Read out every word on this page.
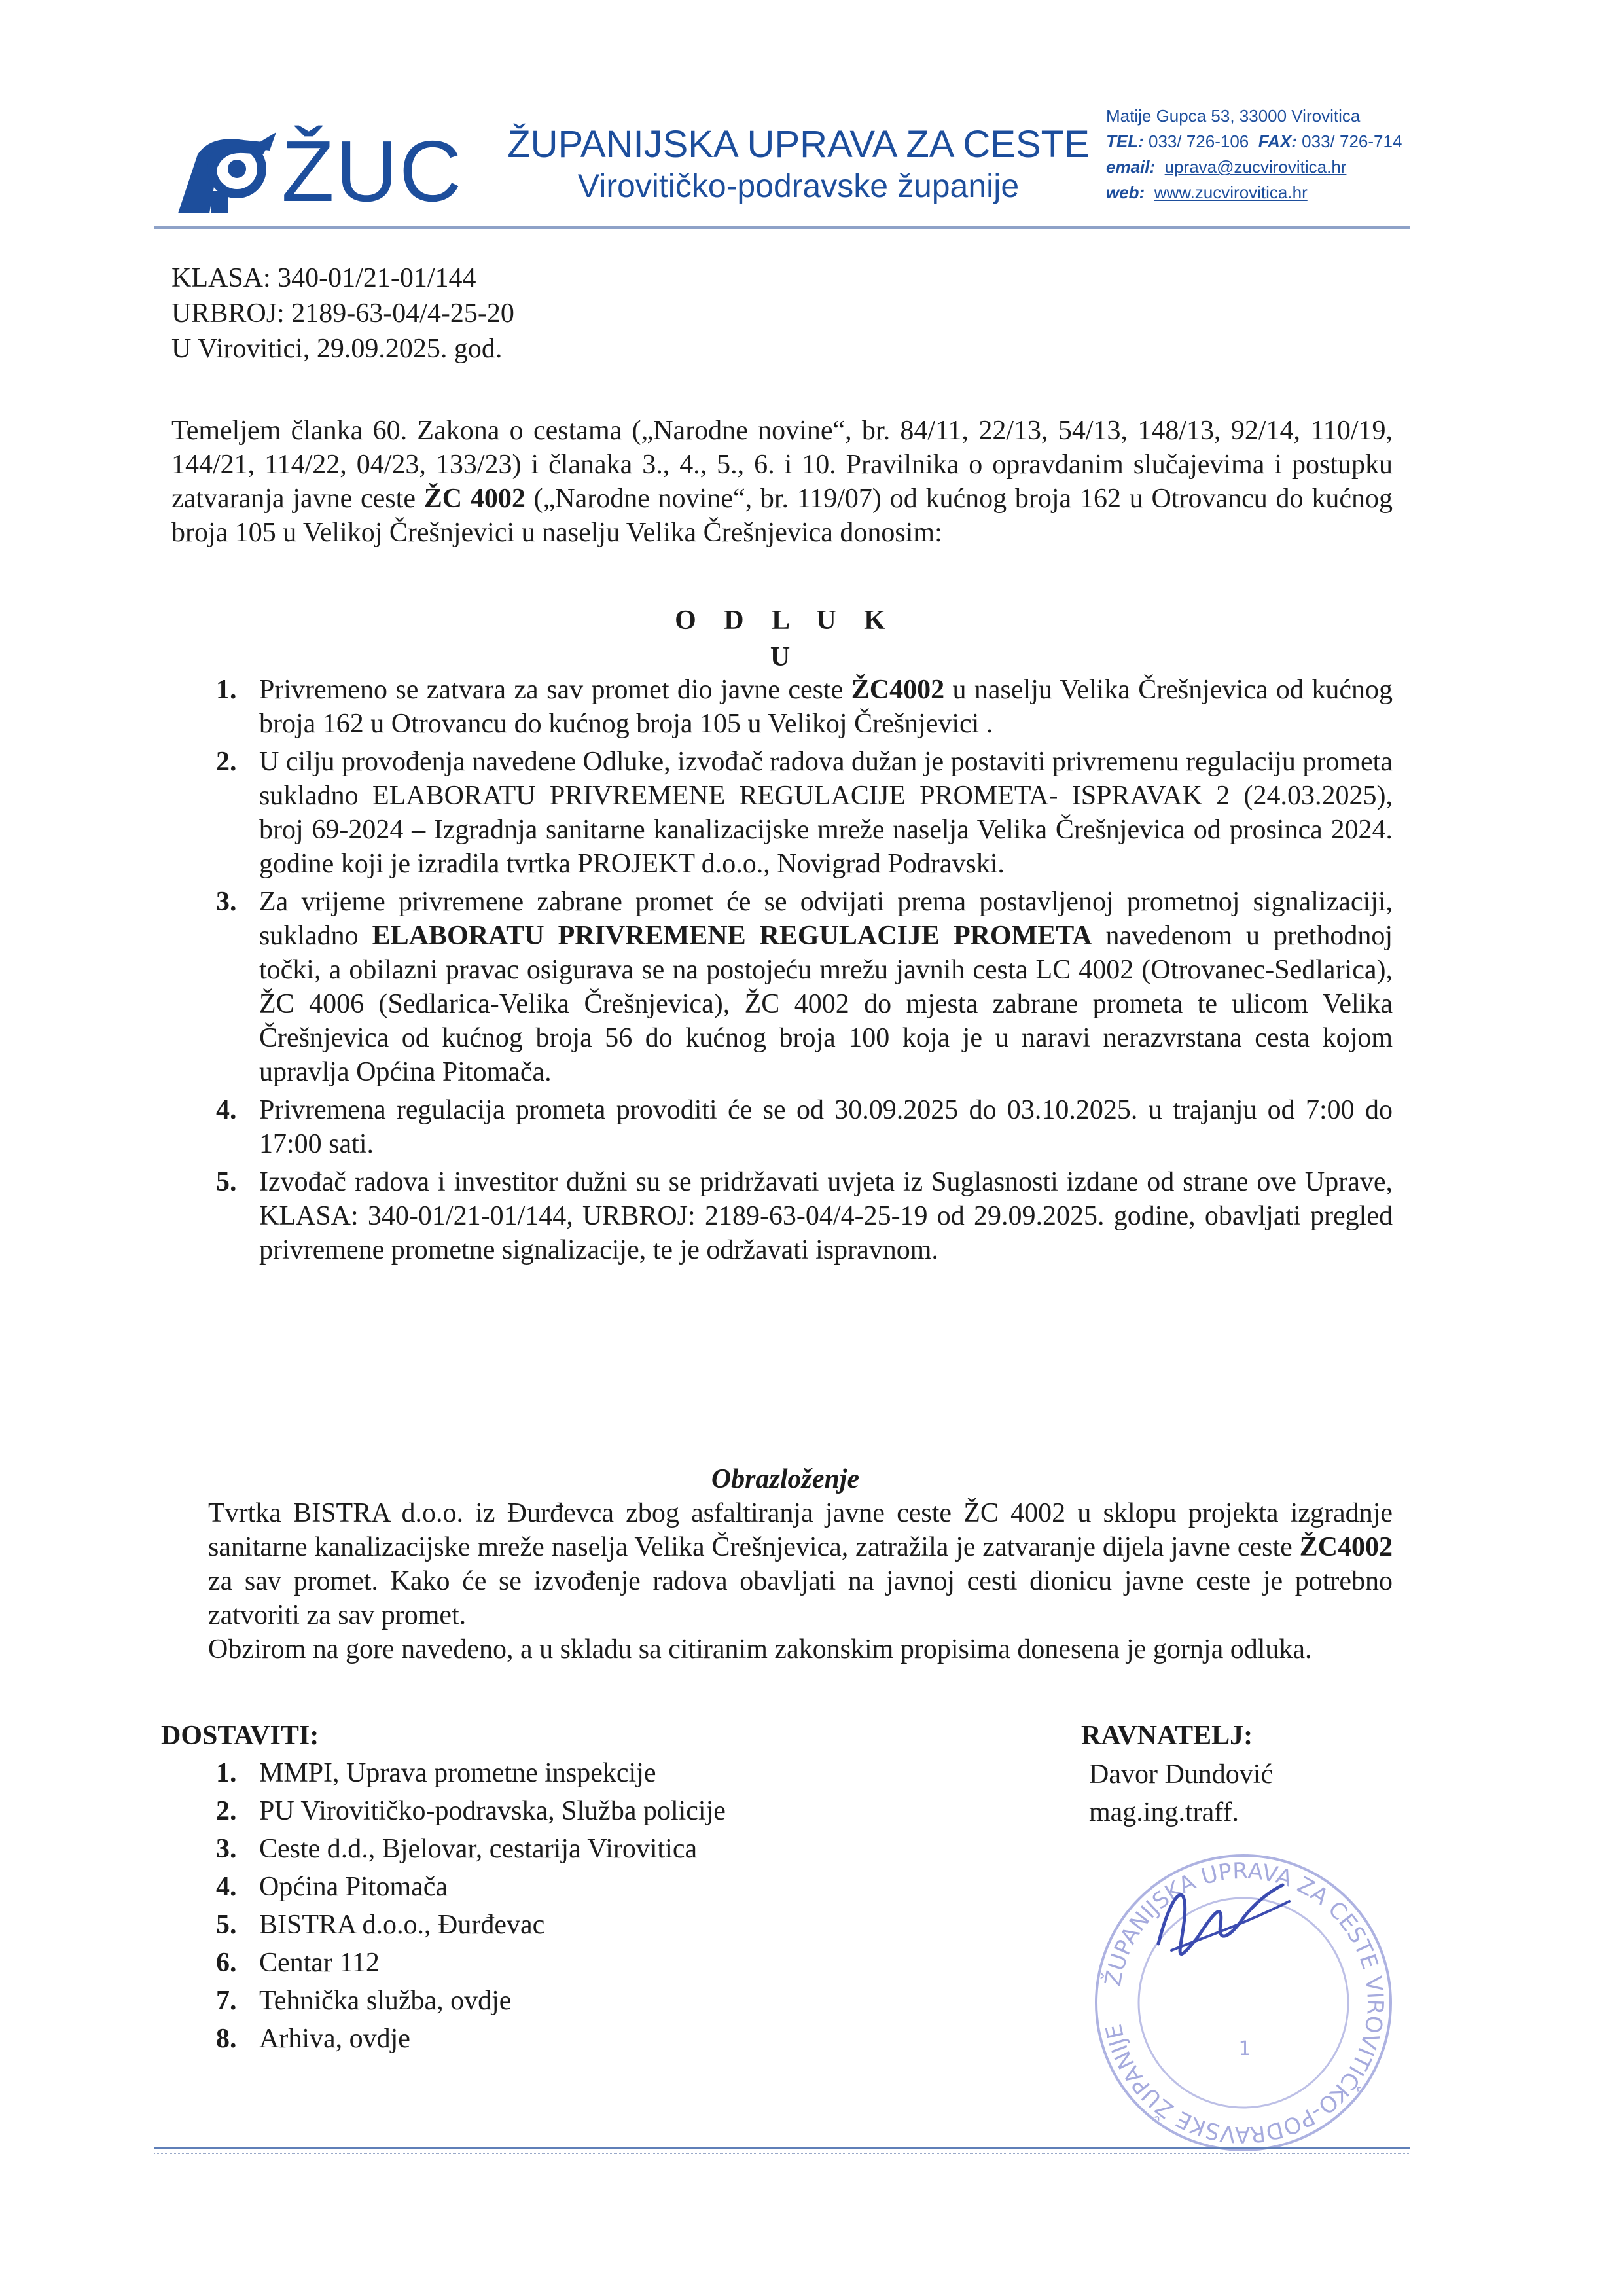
ŽUC ŽUPANIJSKA UPRAVA ZA CESTE
Virovitičko-podravske županije
Matije Gupca 53, 33000 Virovitica
TEL: 033/ 726-106 FAX: 033/ 726-714
email: uprava@zucvirovitica.hr
web: www.zucvirovitica.hr
KLASA: 340-01/21-01/144
URBROJ: 2189-63-04/4-25-20
U Virovitici, 29.09.2025. god.
Temeljem članka 60. Zakona o cestama („Narodne novine“, br. 84/11, 22/13, 54/13, 148/13, 92/14, 110/19, 144/21, 114/22, 04/23, 133/23) i članaka 3., 4., 5., 6. i 10. Pravilnika o opravdanim slučajevima i postupku zatvaranja javne ceste ŽC 4002 („Narodne novine“, br. 119/07) od kućnog broja 162 u Otrovancu do kućnog broja 105 u Velikoj Črešnjevici u naselju Velika Črešnjevica donosim:
O D L U K U
1. Privremeno se zatvara za sav promet dio javne ceste ŽC4002 u naselju Velika Črešnjevica od kućnog broja 162 u Otrovancu do kućnog broja 105 u Velikoj Črešnjevici .
2. U cilju provođenja navedene Odluke, izvođač radova dužan je postaviti privremenu regulaciju prometa sukladno ELABORATU PRIVREMENE REGULACIJE PROMETA- ISPRAVAK 2 (24.03.2025), broj 69-2024 – Izgradnja sanitarne kanalizacijske mreže naselja Velika Črešnjevica od prosinca 2024. godine koji je izradila tvrtka PROJEKT d.o.o., Novigrad Podravski.
3. Za vrijeme privremene zabrane promet će se odvijati prema postavljenoj prometnoj signalizaciji, sukladno ELABORATU PRIVREMENE REGULACIJE PROMETA navedenom u prethodnoj točki, a obilazni pravac osigurava se na postojeću mrežu javnih cesta LC 4002 (Otrovanec-Sedlarica), ŽC 4006 (Sedlarica-Velika Črešnjevica), ŽC 4002 do mjesta zabrane prometa te ulicom Velika Črešnjevica od kućnog broja 56 do kućnog broja 100 koja je u naravi nerazvrstana cesta kojom upravlja Općina Pitomača.
4. Privremena regulacija prometa provoditi će se od 30.09.2025 do 03.10.2025. u trajanju od 7:00 do 17:00 sati.
5. Izvođač radova i investitor dužni su se pridržavati uvjeta iz Suglasnosti izdane od strane ove Uprave, KLASA: 340-01/21-01/144, URBROJ: 2189-63-04/4-25-19 od 29.09.2025. godine, obavljati pregled privremene prometne signalizacije, te je održavati ispravnom.
Obrazloženje

Tvrtka BISTRA d.o.o. iz Đurđevca zbog asfaltiranja javne ceste ŽC 4002 u sklopu projekta izgradnje sanitarne kanalizacijske mreže naselja Velika Črešnjevica, zatražila je zatvaranje dijela javne ceste ŽC4002 za sav promet. Kako će se izvođenje radova obavljati na javnoj cesti dionicu javne ceste je potrebno zatvoriti za sav promet.

Obzirom na gore navedeno, a u skladu sa citiranim zakonskim propisima donesena je gornja odluka.

DOSTAVITI:
1. MMPI, Uprava prometne inspekcije
2. PU Virovitičko-podravska, Služba policije
3. Ceste d.d., Bjelovar, cestarija Virovitica
4. Općina Pitomača
5. BISTRA d.o.o., Đurđevac
6. Centar 112
7. Tehnička služba, ovdje
8. Arhiva, ovdje
RAVNATELJ:
Davor Dundović
mag.ing.traff.
ŽUPANIJSKA UPRAVA ZA CESTE VIROVITIČKO-PODRAVSKE ŽUPANIJE
1
